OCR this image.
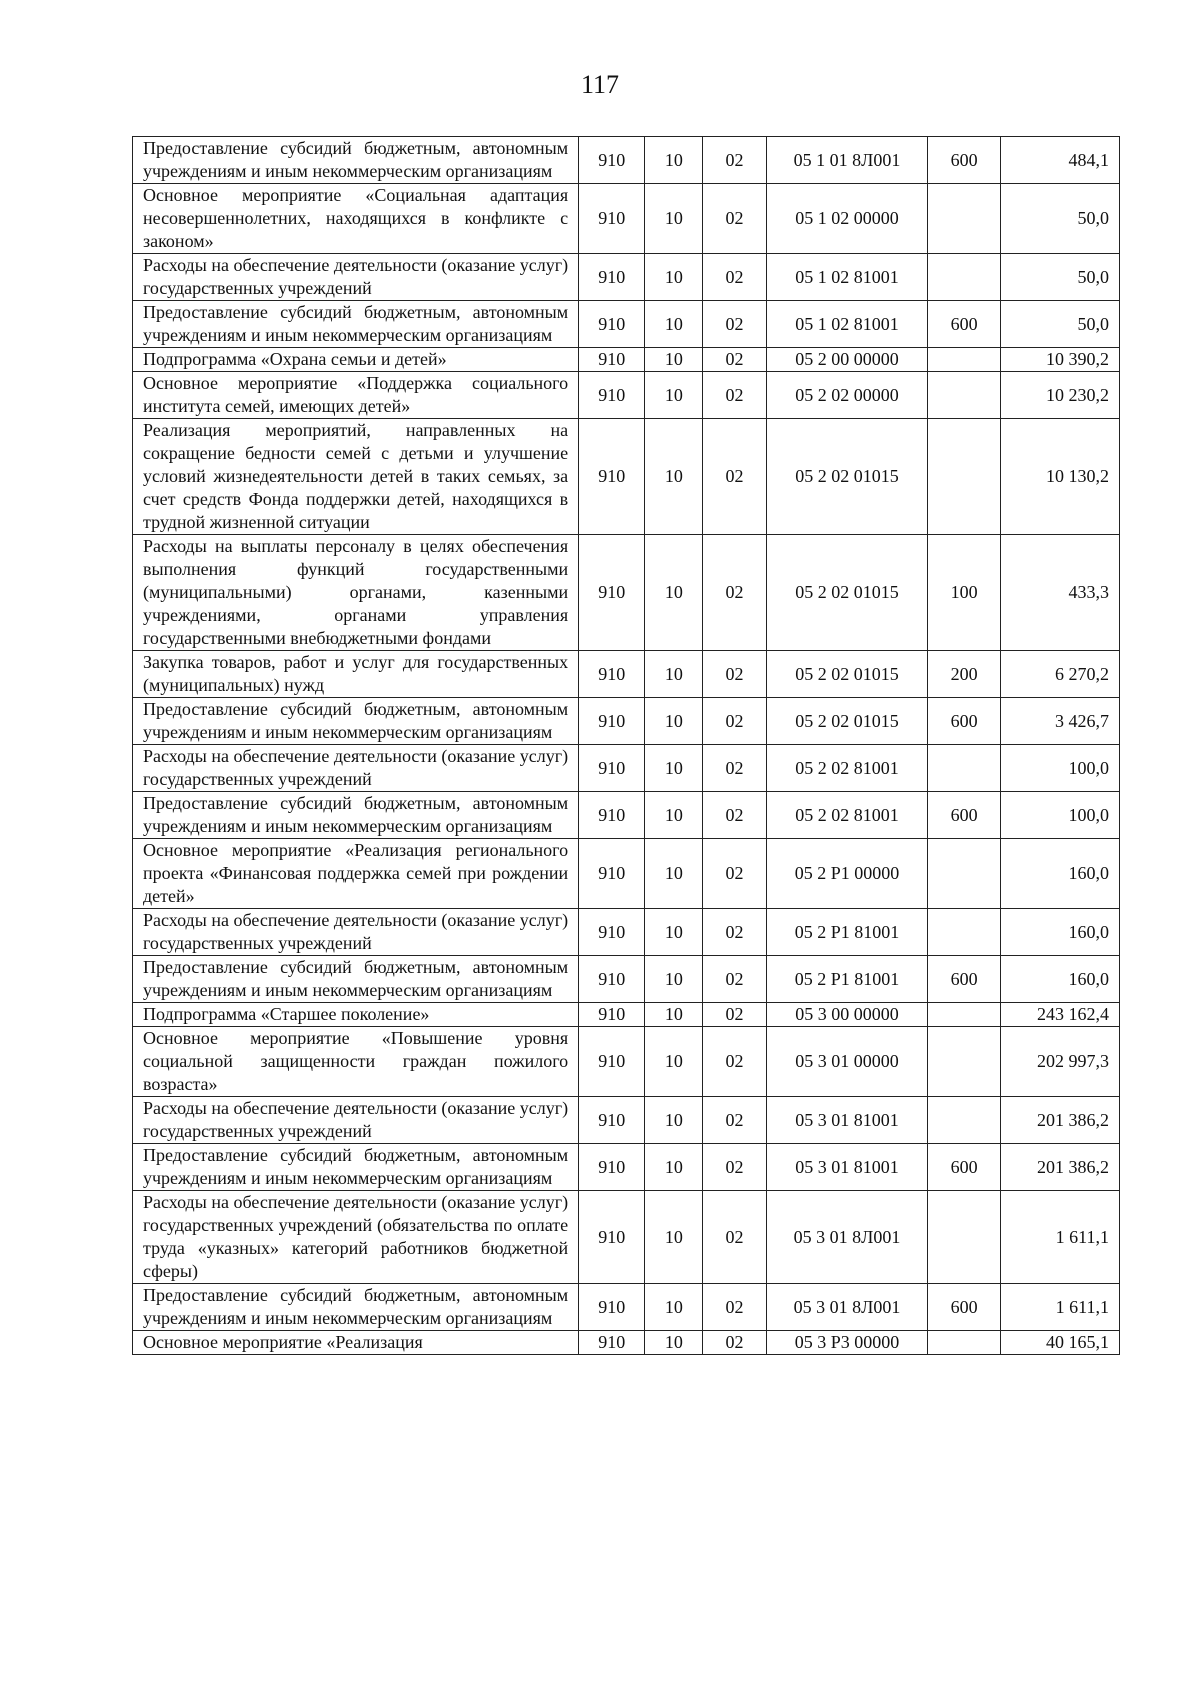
117
Предоставление субсидий бюджетным, автономным учреждениям и иным некоммерческим организациям	910	10	02	05 1 01 8Л001	600	484,1
Основное мероприятие «Социальная адаптация несовершеннолетних, находящихся в конфликте с законом»	910	10	02	05 1 02 00000		50,0
Расходы на обеспечение деятельности (оказание услуг) государственных учреждений	910	10	02	05 1 02 81001		50,0
Предоставление субсидий бюджетным, автономным учреждениям и иным некоммерческим организациям	910	10	02	05 1 02 81001	600	50,0
Подпрограмма «Охрана семьи и детей»	910	10	02	05 2 00 00000		10 390,2
Основное мероприятие «Поддержка социального института семей, имеющих детей»	910	10	02	05 2 02 00000		10 230,2
Реализация мероприятий, направленных на сокращение бедности семей с детьми и улучшение условий жизнедеятельности детей в таких семьях, за счет средств Фонда поддержки детей, находящихся в трудной жизненной ситуации	910	10	02	05 2 02 01015		10 130,2
Расходы на выплаты персоналу в целях обеспечения выполнения функций государственными (муниципальными) органами, казенными учреждениями, органами управления государственными внебюджетными фондами	910	10	02	05 2 02 01015	100	433,3
Закупка товаров, работ и услуг для государственных (муниципальных) нужд	910	10	02	05 2 02 01015	200	6 270,2
Предоставление субсидий бюджетным, автономным учреждениям и иным некоммерческим организациям	910	10	02	05 2 02 01015	600	3 426,7
Расходы на обеспечение деятельности (оказание услуг) государственных учреждений	910	10	02	05 2 02 81001		100,0
Предоставление субсидий бюджетным, автономным учреждениям и иным некоммерческим организациям	910	10	02	05 2 02 81001	600	100,0
Основное мероприятие «Реализация регионального проекта «Финансовая поддержка семей при рождении детей»	910	10	02	05 2 Р1 00000		160,0
Расходы на обеспечение деятельности (оказание услуг) государственных учреждений	910	10	02	05 2 Р1 81001		160,0
Предоставление субсидий бюджетным, автономным учреждениям и иным некоммерческим организациям	910	10	02	05 2 Р1 81001	600	160,0
Подпрограмма «Старшее поколение»	910	10	02	05 3 00 00000		243 162,4
Основное мероприятие «Повышение уровня социальной защищенности граждан пожилого возраста»	910	10	02	05 3 01 00000		202 997,3
Расходы на обеспечение деятельности (оказание услуг) государственных учреждений	910	10	02	05 3 01 81001		201 386,2
Предоставление субсидий бюджетным, автономным учреждениям и иным некоммерческим организациям	910	10	02	05 3 01 81001	600	201 386,2
Расходы на обеспечение деятельности (оказание услуг) государственных учреждений (обязательства по оплате труда «указных» категорий работников бюджетной сферы)	910	10	02	05 3 01 8Л001		1 611,1
Предоставление субсидий бюджетным, автономным учреждениям и иным некоммерческим организациям	910	10	02	05 3 01 8Л001	600	1 611,1
Основное мероприятие «Реализация	910	10	02	05 3 Р3 00000		40 165,1
